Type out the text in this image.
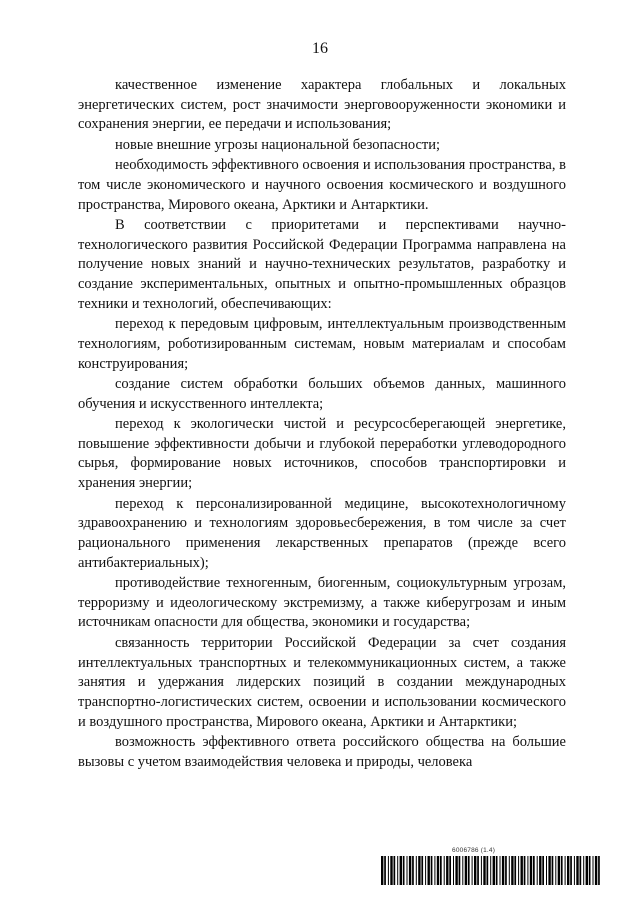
16

качественное изменение характера глобальных и локальных энергетических систем, рост значимости энерговооруженности экономики и сохранения энергии, ее передачи и использования;

новые внешние угрозы национальной безопасности;

необходимость эффективного освоения и использования пространства, в том числе экономического и научного освоения космического и воздушного пространства, Мирового океана, Арктики и Антарктики.

В соответствии с приоритетами и перспективами научно-технологического развития Российской Федерации Программа направлена на получение новых знаний и научно-технических результатов, разработку и создание экспериментальных, опытных и опытно-промышленных образцов техники и технологий, обеспечивающих:

переход к передовым цифровым, интеллектуальным производственным технологиям, роботизированным системам, новым материалам и способам конструирования;

создание систем обработки больших объемов данных, машинного обучения и искусственного интеллекта;

переход к экологически чистой и ресурсосберегающей энергетике, повышение эффективности добычи и глубокой переработки углеводородного сырья, формирование новых источников, способов транспортировки и хранения энергии;

переход к персонализированной медицине, высокотехнологичному здравоохранению и технологиям здоровьесбережения, в том числе за счет рационального применения лекарственных препаратов (прежде всего антибактериальных);

противодействие техногенным, биогенным, социокультурным угрозам, терроризму и идеологическому экстремизму, а также киберугрозам и иным источникам опасности для общества, экономики и государства;

связанность территории Российской Федерации за счет создания интеллектуальных транспортных и телекоммуникационных систем, а также занятия и удержания лидерских позиций в создании международных транспортно-логистических систем, освоении и использовании космического и воздушного пространства, Мирового океана, Арктики и Антарктики;

возможность эффективного ответа российского общества на большие вызовы с учетом взаимодействия человека и природы, человека

6006786 (1.4)
